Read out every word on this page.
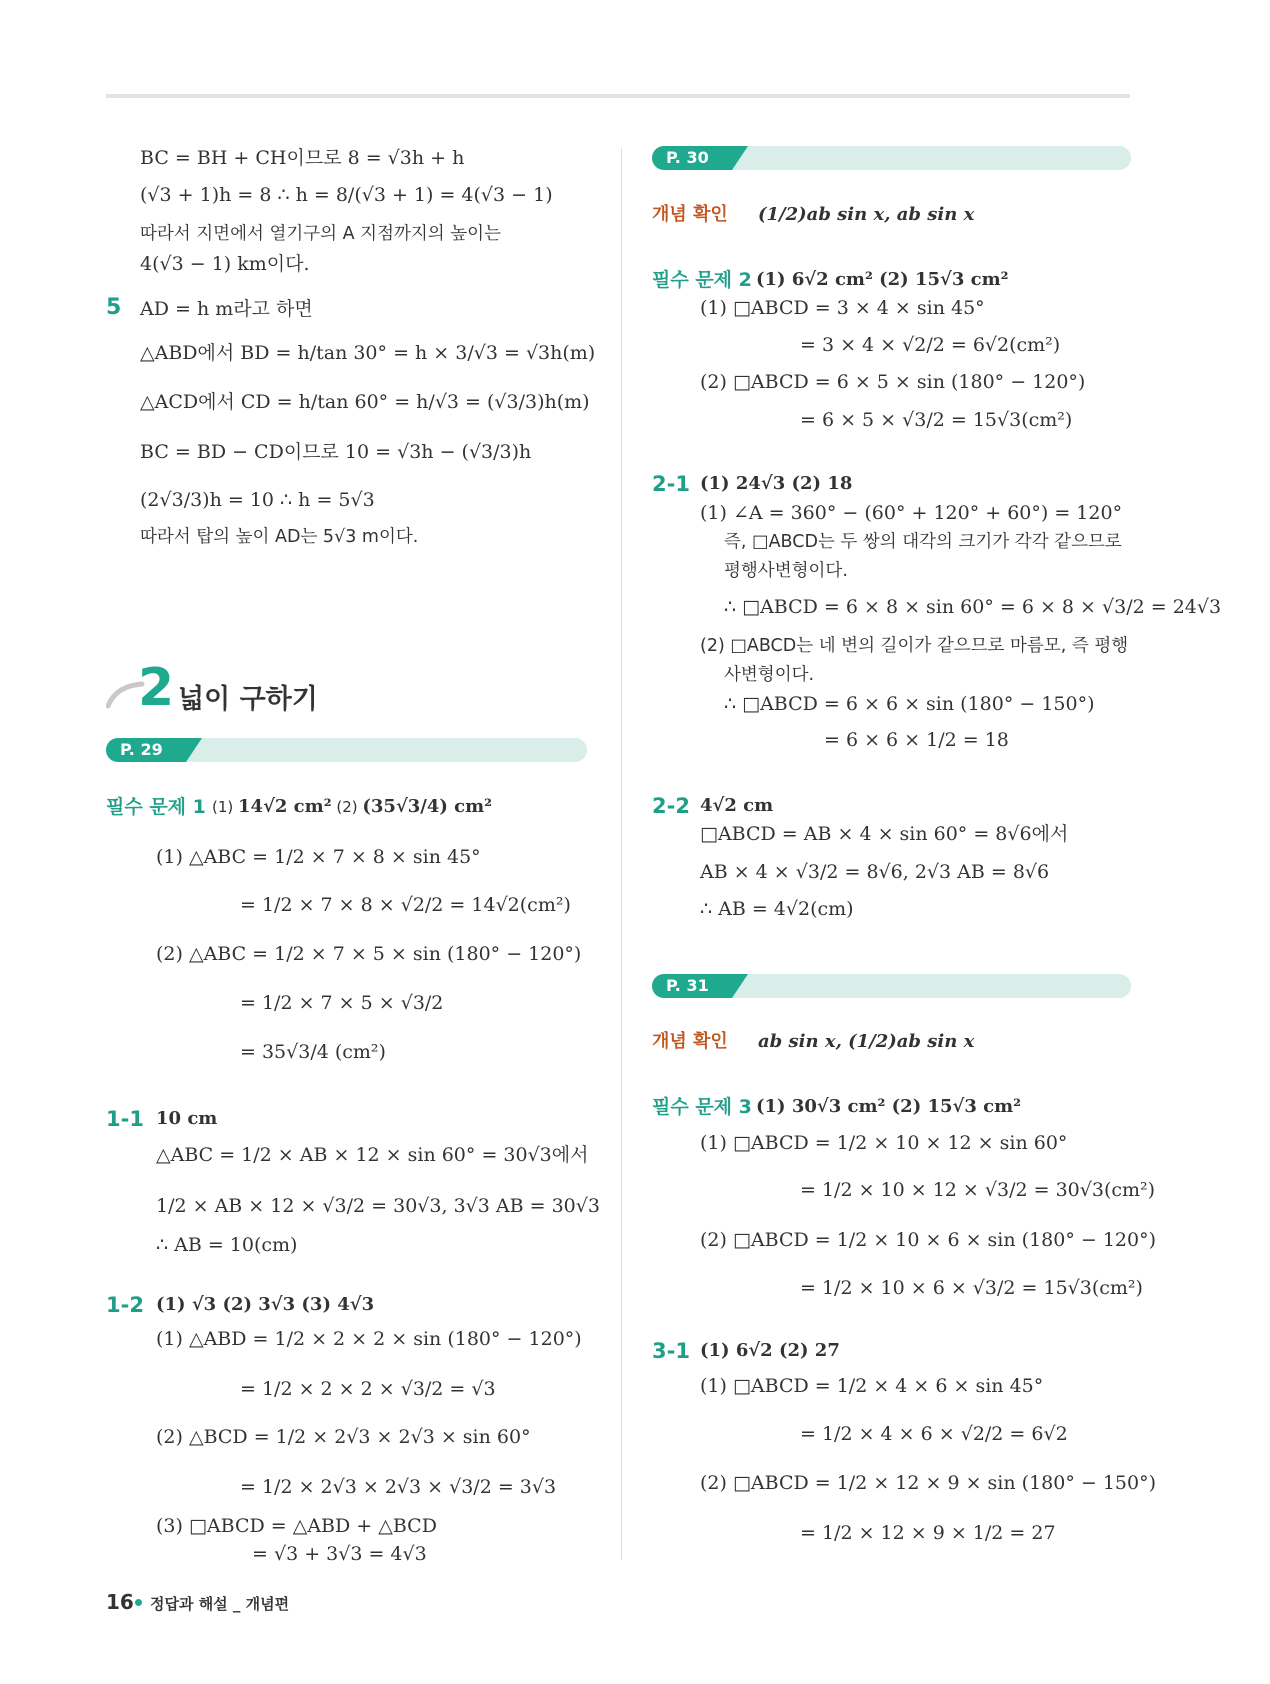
BC = BH + CH이므로 8 = √3h + h
(√3 + 1)h = 8 ∴ h = 8/(√3 + 1) = 4(√3 − 1)
따라서 지면에서 열기구의 A 지점까지의 높이는
4(√3 − 1) km이다.
5 AD = h m라고 하면
△ABD에서 BD = h/tan 30° = h × 3/√3 = √3h(m)
△ACD에서 CD = h/tan 60° = h/√3 = (√3/3)h(m)
BC = BD − CD이므로 10 = √3h − (√3/3)h
(2√3/3)h = 10 ∴ h = 5√3
따라서 탑의 높이 AD는 5√3 m이다.
2 넓이 구하기
P. 29
필수 문제 1 (1) 14√2 cm² (2) (35√3/4) cm²
(1) △ABC = 1/2 × 7 × 8 × sin 45°
= 1/2 × 7 × 8 × √2/2 = 14√2(cm²)
(2) △ABC = 1/2 × 7 × 5 × sin (180° − 120°)
= 1/2 × 7 × 5 × √3/2
= 35√3/4 (cm²)
1-1 10 cm
△ABC = 1/2 × AB × 12 × sin 60° = 30√3에서
1/2 × AB × 12 × √3/2 = 30√3, 3√3 AB = 30√3
∴ AB = 10(cm)
1-2 (1) √3 (2) 3√3 (3) 4√3
(1) △ABD = 1/2 × 2 × 2 × sin (180° − 120°)
= 1/2 × 2 × 2 × √3/2 = √3
(2) △BCD = 1/2 × 2√3 × 2√3 × sin 60°
= 1/2 × 2√3 × 2√3 × √3/2 = 3√3
(3) □ABCD = △ABD + △BCD
= √3 + 3√3 = 4√3
P. 30
개념 확인 (1/2)ab sin x, ab sin x
필수 문제 2 (1) 6√2 cm² (2) 15√3 cm²
(1) □ABCD = 3 × 4 × sin 45°
= 3 × 4 × √2/2 = 6√2(cm²)
(2) □ABCD = 6 × 5 × sin (180° − 120°)
= 6 × 5 × √3/2 = 15√3(cm²)
2-1 (1) 24√3 (2) 18
(1) ∠A = 360° − (60° + 120° + 60°) = 120°
즉, □ABCD는 두 쌍의 대각의 크기가 각각 같으므로
평행사변형이다.
∴ □ABCD = 6 × 8 × sin 60° = 6 × 8 × √3/2 = 24√3
(2) □ABCD는 네 변의 길이가 같으므로 마름모, 즉 평행
사변형이다.
∴ □ABCD = 6 × 6 × sin (180° − 150°)
= 6 × 6 × 1/2 = 18
2-2 4√2 cm
□ABCD = AB × 4 × sin 60° = 8√6에서
AB × 4 × √3/2 = 8√6, 2√3 AB = 8√6
∴ AB = 4√2(cm)
P. 31
개념 확인 ab sin x, (1/2)ab sin x
필수 문제 3 (1) 30√3 cm² (2) 15√3 cm²
(1) □ABCD = 1/2 × 10 × 12 × sin 60°
= 1/2 × 10 × 12 × √3/2 = 30√3(cm²)
(2) □ABCD = 1/2 × 10 × 6 × sin (180° − 120°)
= 1/2 × 10 × 6 × √3/2 = 15√3(cm²)
3-1 (1) 6√2 (2) 27
(1) □ABCD = 1/2 × 4 × 6 × sin 45°
= 1/2 × 4 × 6 × √2/2 = 6√2
(2) □ABCD = 1/2 × 12 × 9 × sin (180° − 150°)
= 1/2 × 12 × 9 × 1/2 = 27
16 정답과 해설 _ 개념편
